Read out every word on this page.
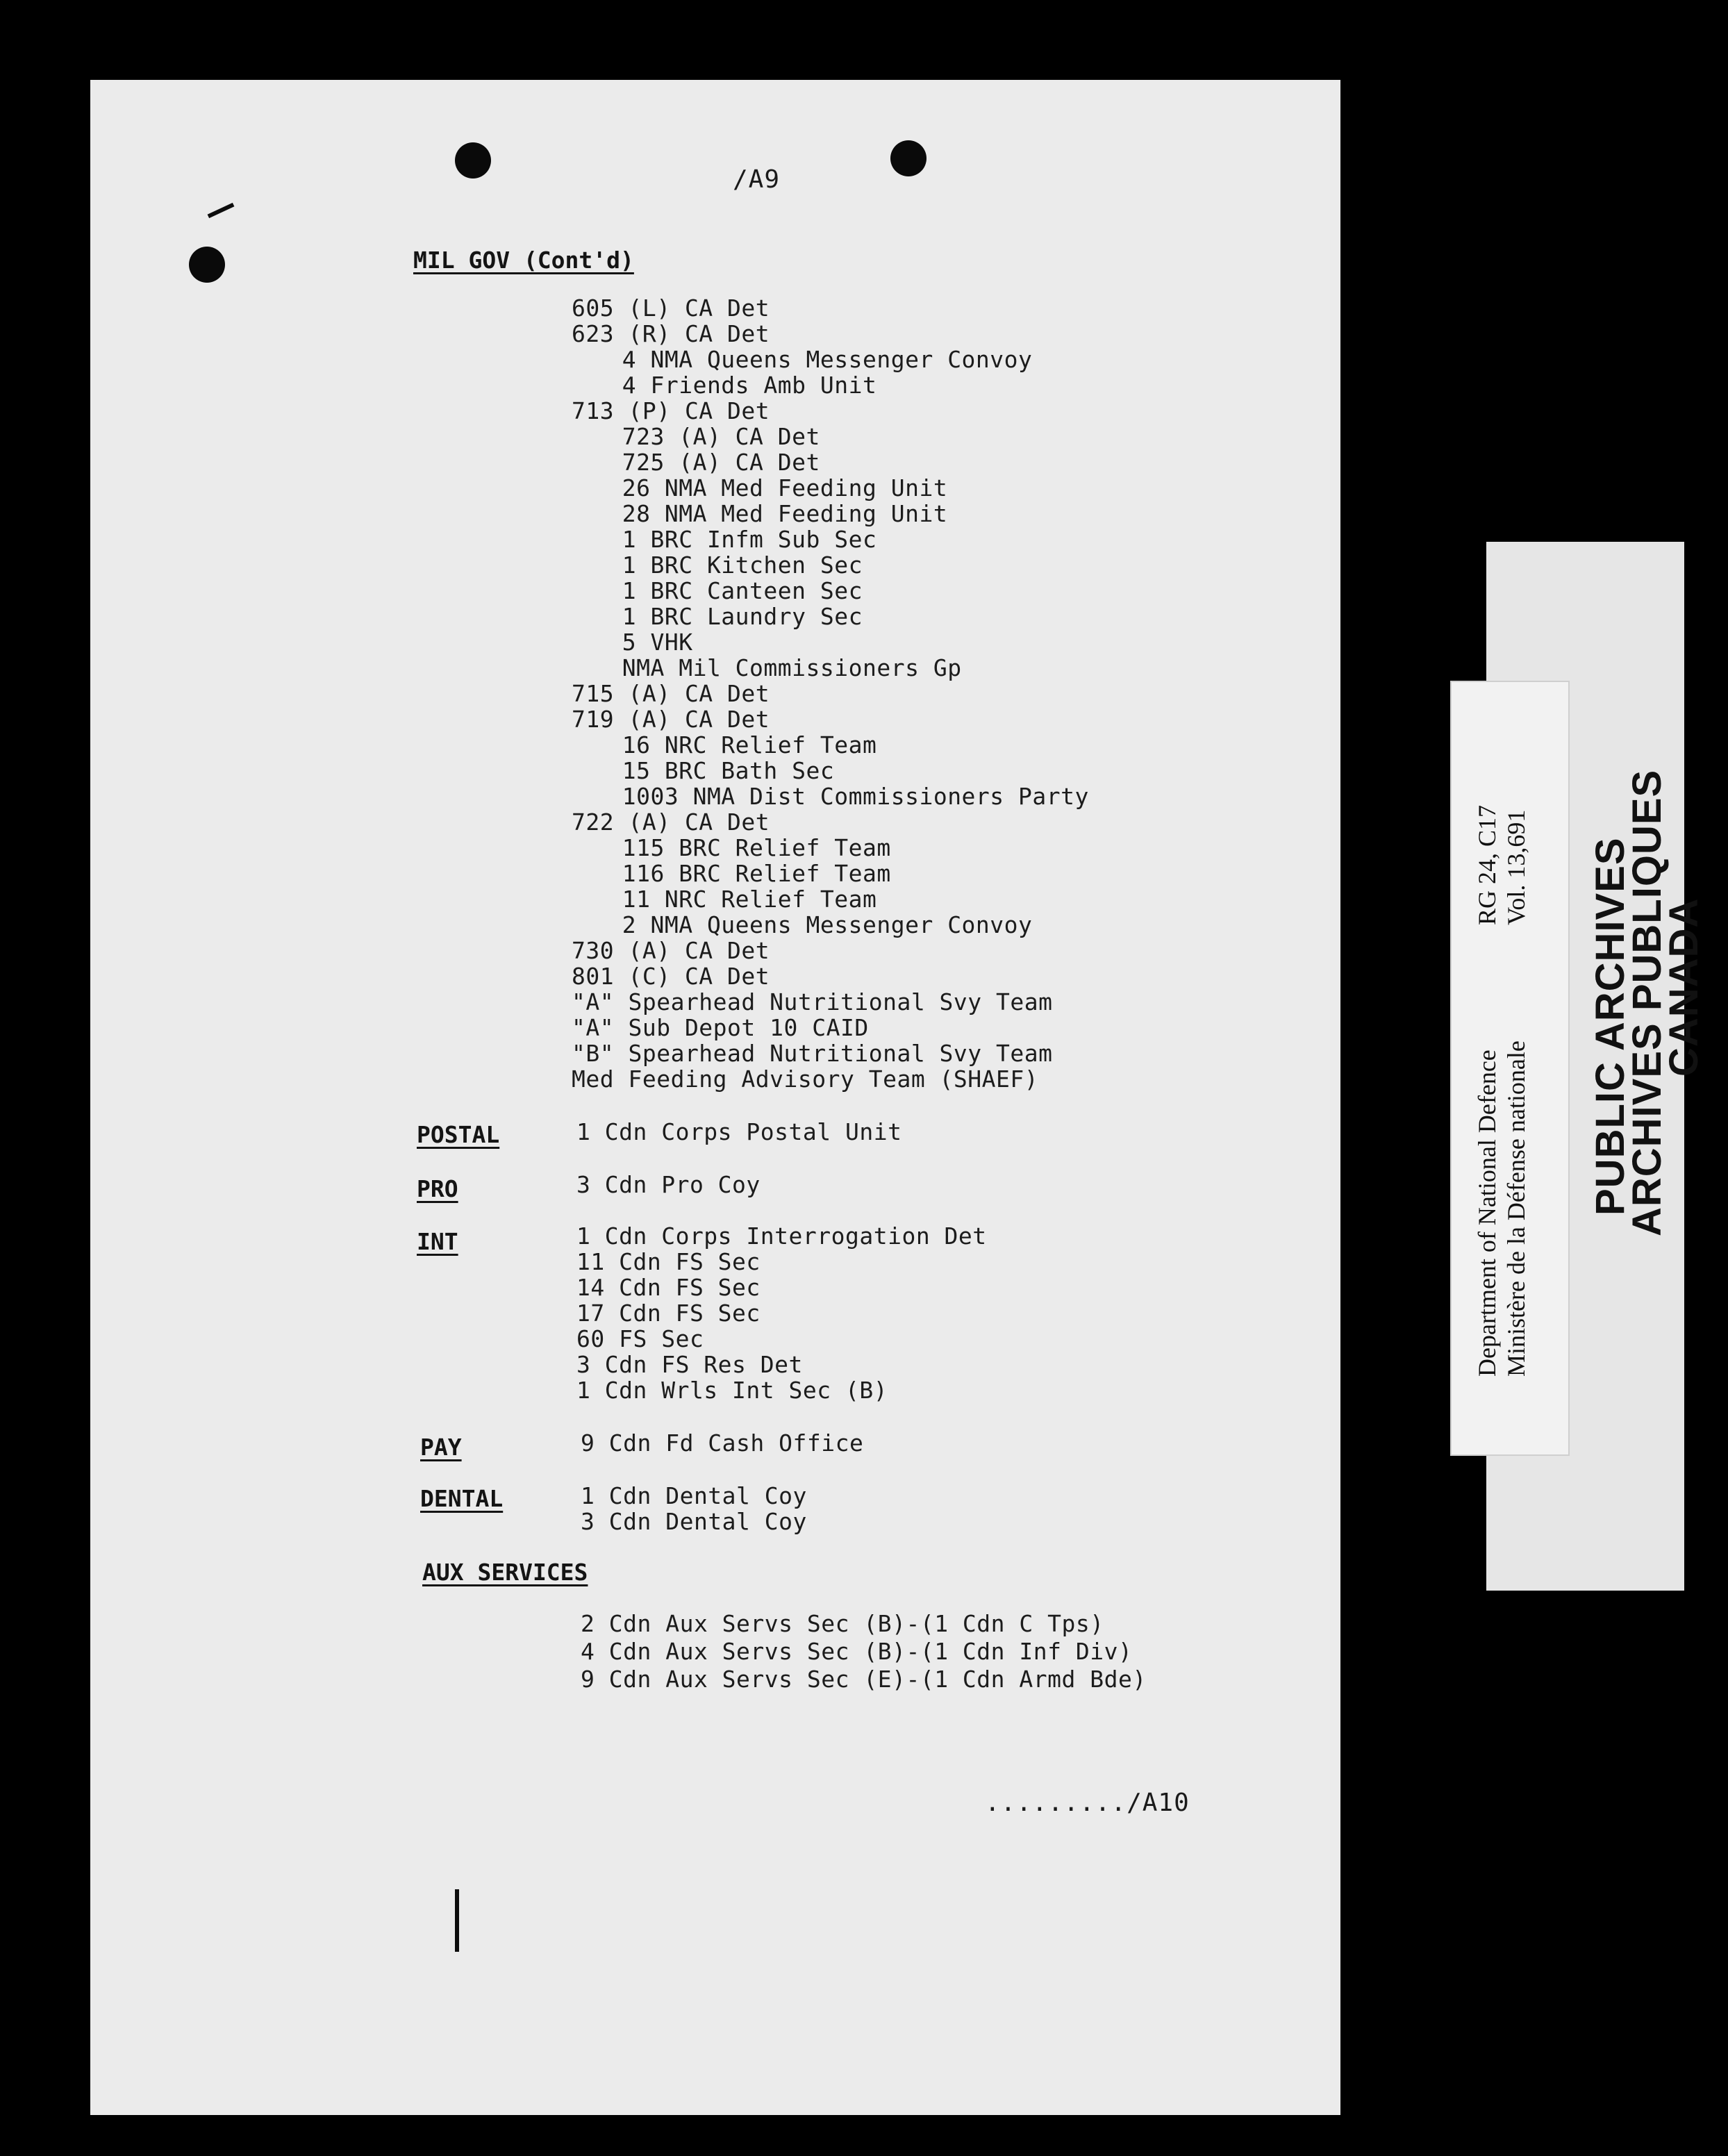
/A9
MIL GOV (Cont'd)
605 (L) CA Det
623 (R) CA Det
4 NMA Queens Messenger Convoy
4 Friends Amb Unit
713 (P) CA Det
723 (A) CA Det
725 (A) CA Det
26 NMA Med Feeding Unit
28 NMA Med Feeding Unit
1 BRC Infm Sub Sec
1 BRC Kitchen Sec
1 BRC Canteen Sec
1 BRC Laundry Sec
5 VHK
NMA Mil Commissioners Gp
715 (A) CA Det
719 (A) CA Det
16 NRC Relief Team
15 BRC Bath Sec
1003 NMA Dist Commissioners Party
722 (A) CA Det
115 BRC Relief Team
116 BRC Relief Team
11 NRC Relief Team
2 NMA Queens Messenger Convoy
730 (A) CA Det
801 (C) CA Det
"A" Spearhead Nutritional Svy Team
"A" Sub Depot 10 CAID
"B" Spearhead Nutritional Svy Team
Med Feeding Advisory Team (SHAEF)
POSTAL	1 Cdn Corps Postal Unit
PRO	3 Cdn Pro Coy
INT	1 Cdn Corps Interrogation Det
11 Cdn FS Sec
14 Cdn FS Sec
17 Cdn FS Sec
60 FS Sec
3 Cdn FS Res Det
1 Cdn Wrls Int Sec (B)
PAY	9 Cdn Fd Cash Office
DENTAL	1 Cdn Dental Coy
3 Cdn Dental Coy
AUX SERVICES
2 Cdn Aux Servs Sec (B)-(1 Cdn C Tps)
4 Cdn Aux Servs Sec (B)-(1 Cdn Inf Div)
9 Cdn Aux Servs Sec (E)-(1 Cdn Armd Bde)
........./A10
Department of National Defence Ministère de la Défense nationale
RG 24, C17 Vol. 13,691 PUBLIC ARCHIVES
ARCHIVES PUBLIQUES
CANADA
